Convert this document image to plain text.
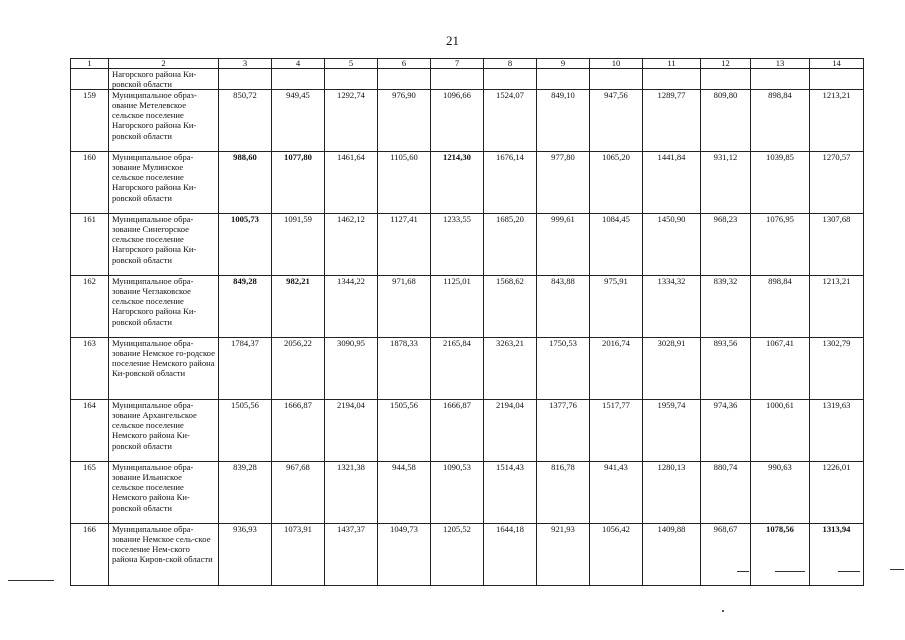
21
1	2	3	4	5	6	7	8	9	10	11	12	13	14
	Нагорского района Ки-ровской области												
159	Муниципальное образ-ование Метелевское сельское поселение Нагорского района Ки-ровской области	850,72	949,45	1292,74	976,90	1096,66	1524,07	849,10	947,56	1289,77	809,80	898,84	1213,21
160	Муниципальное обра-зование Мулинское сельское поселение Нагорского района Ки-ровской области	988,60	1077,80	1461,64	1105,60	1214,30	1676,14	977,80	1065,20	1441,84	931,12	1039,85	1270,57
161	Муниципальное обра-зование Синегорское сельское поселение Нагорского района Ки-ровской области	1005,73	1091,59	1462,12	1127,41	1233,55	1685,20	999,61	1084,45	1450,90	968,23	1076,95	1307,68
162	Муниципальное обра-зование Чеглаковское сельское поселение Нагорского района Ки-ровской области	849,28	982,21	1344,22	971,68	1125,01	1568,62	843,88	975,91	1334,32	839,32	898,84	1213,21
163	Муниципальное обра-зование Немское го-родское поселение Немского района Ки-ровской области	1784,37	2056,22	3090,95	1878,33	2165,84	3263,21	1750,53	2016,74	3028,91	893,56	1067,41	1302,79
164	Муниципальное обра-зование Архангельское сельское поселение Немского района Ки-ровской области	1505,56	1666,87	2194,04	1505,56	1666,87	2194,04	1377,76	1517,77	1959,74	974,36	1000,61	1319,63
165	Муниципальное обра-зование Ильинское сельское поселение Немского района Ки-ровской области	839,28	967,68	1321,38	944,58	1090,53	1514,43	816,78	941,43	1280,13	880,74	990,63	1226,01
166	Муниципальное обра-зование Немское сель-ское поселение Нем-ского района Киров-ской области	936,93	1073,91	1437,37	1049,73	1205,52	1644,18	921,93	1056,42	1409,88	968,67	1078,56	1313,94
